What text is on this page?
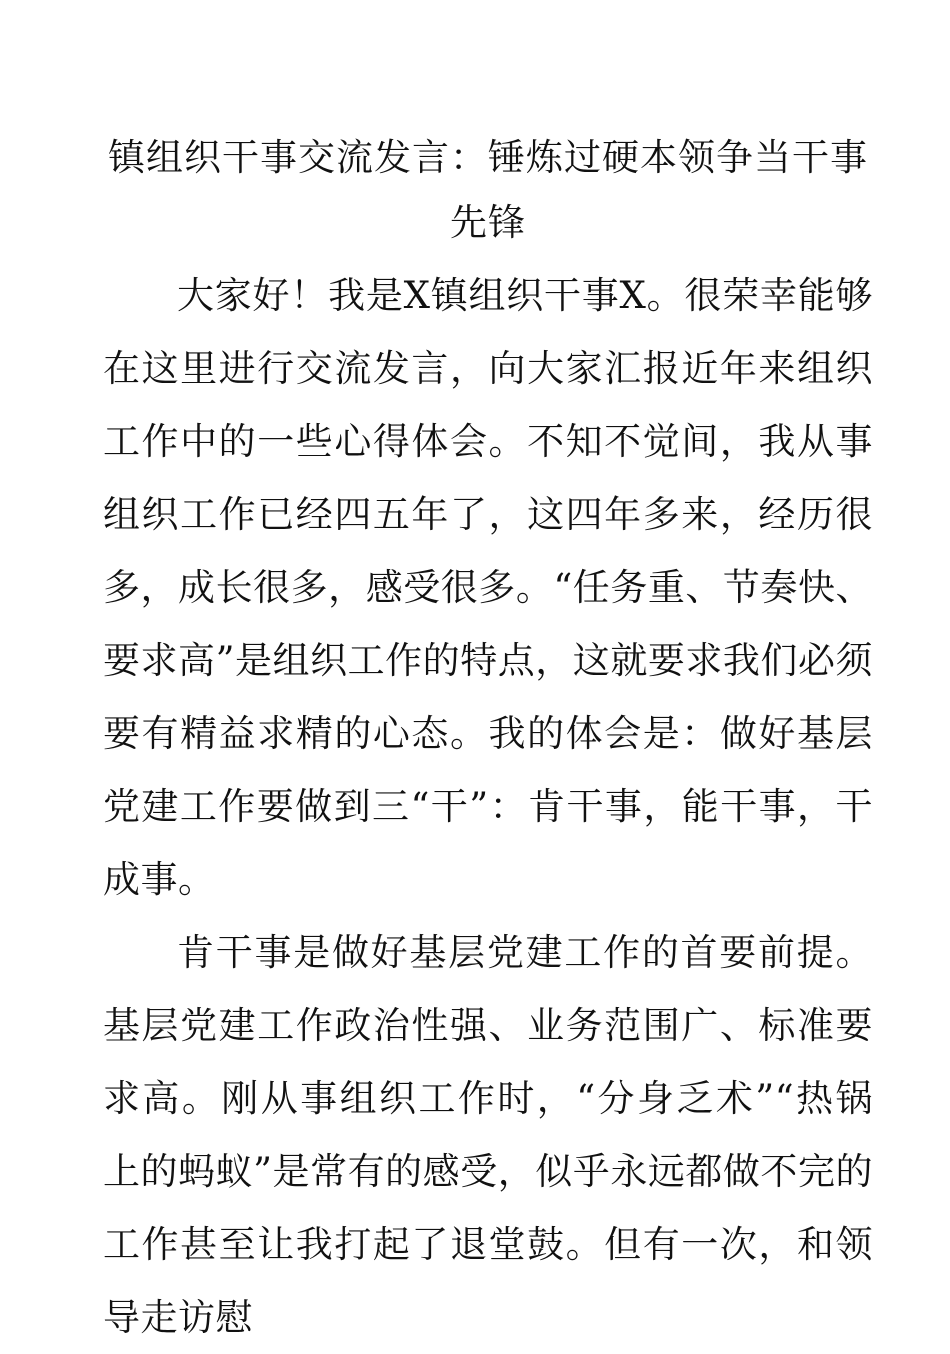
镇组织干事交流发言：锤炼过硬本领争当干事先锋

大家好！我是X镇组织干事X。很荣幸能够在这里进行交流发言，向大家汇报近年来组织工作中的一些心得体会。不知不觉间，我从事组织工作已经四五年了，这四年多来，经历很多，成长很多，感受很多。“任务重、节奏快、要求高”是组织工作的特点，这就要求我们必须要有精益求精的心态。我的体会是：做好基层党建工作要做到三“干”：肯干事，能干事，干成事。

肯干事是做好基层党建工作的首要前提。基层党建工作政治性强、业务范围广、标准要求高。刚从事组织工作时，“分身乏术”“热锅上的蚂蚁”是常有的感受，似乎永远都做不完的工作甚至让我打起了退堂鼓。但有一次，和领导走访慰
